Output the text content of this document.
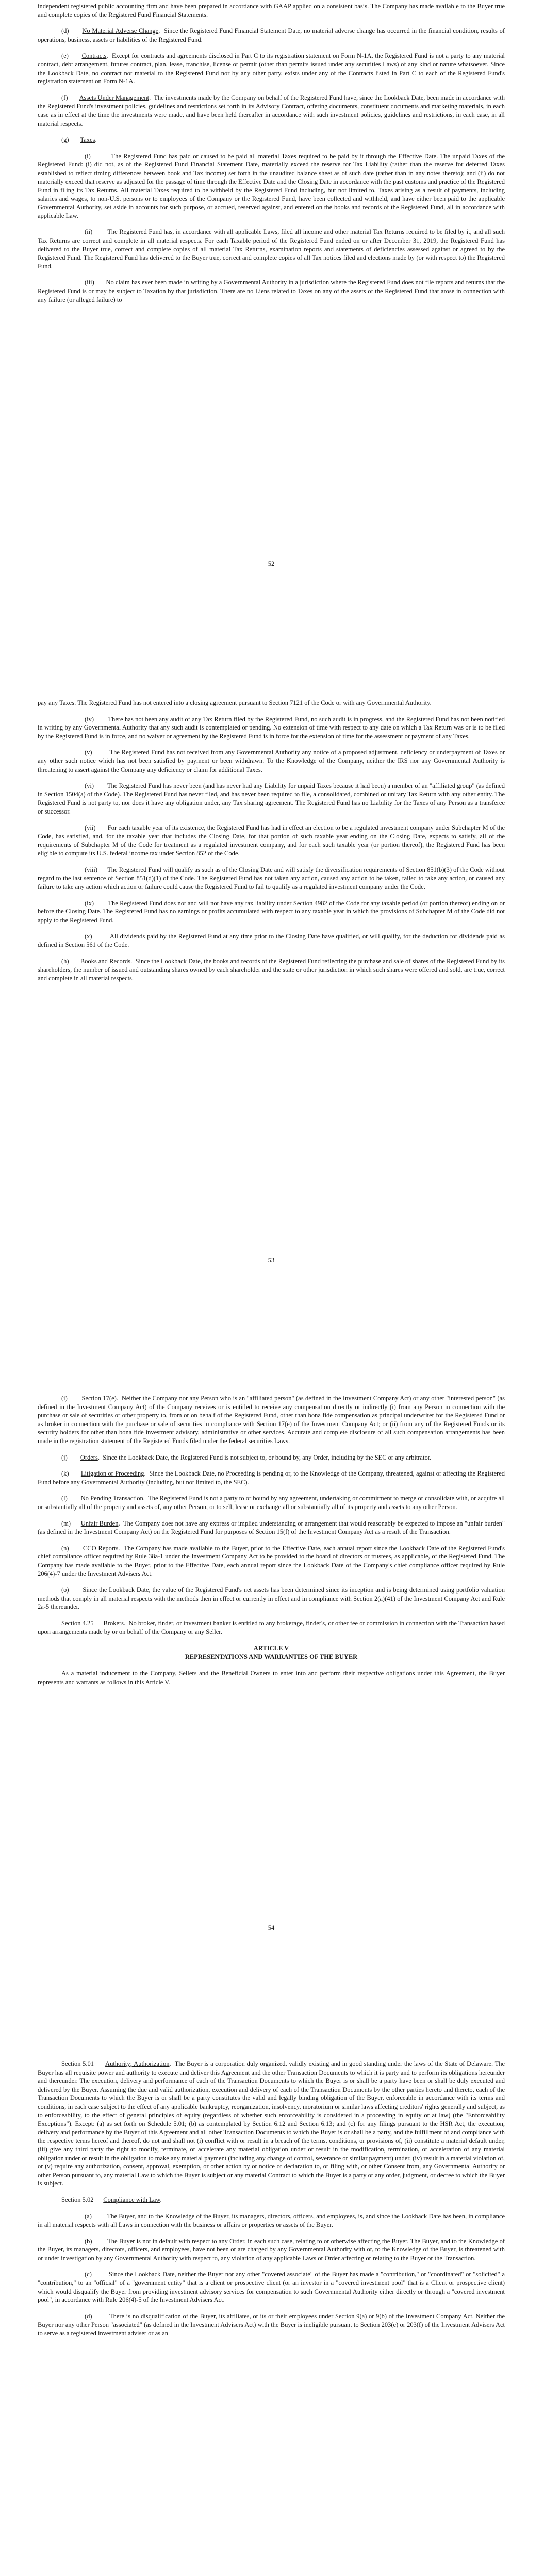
independent registered public accounting firm and have been prepared in accordance with GAAP applied on a consistent basis. The Company has made available to the Buyer true and complete copies of the Registered Fund Financial Statements.

(d) No Material Adverse Change.  Since the Registered Fund Financial Statement Date, no material adverse change has occurred in the financial condition, results of operations, business, assets or liabilities of the Registered Fund.

(e) Contracts.  Except for contracts and agreements disclosed in Part C to its registration statement on Form N-1A, the Registered Fund is not a party to any material contract, debt arrangement, futures contract, plan, lease, franchise, license or permit (other than permits issued under any securities Laws) of any kind or nature whatsoever. Since the Lookback Date, no contract not material to the Registered Fund nor by any other party, exists under any of the Contracts listed in Part C to each of the Registered Fund's registration statement on Form N-1A.

(f) Assets Under Management.  The investments made by the Company on behalf of the Registered Fund have, since the Lookback Date, been made in accordance with the Registered Fund's investment policies, guidelines and restrictions set forth in its Advisory Contract, offering documents, constituent documents and marketing materials, in each case as in effect at the time the investments were made, and have been held thereafter in accordance with such investment policies, guidelines and restrictions, in each case, in all material respects.

(g) Taxes.

(i)	The Registered Fund has paid or caused to be paid all material Taxes required to be paid by it through the Effective Date. The unpaid Taxes of the Registered Fund: (i) did not, as of the Registered Fund Financial Statement Date, materially exceed the reserve for Tax Liability (rather than the reserve for deferred Taxes established to reflect timing differences between book and Tax income) set forth in the unaudited balance sheet as of such date (rather than in any notes thereto); and (ii) do not materially exceed that reserve as adjusted for the passage of time through the Effective Date and the Closing Date in accordance with the past customs and practice of the Registered Fund in filing its Tax Returns. All material Taxes required to be withheld by the Registered Fund including, but not limited to, Taxes arising as a result of payments, including salaries and wages, to non-U.S. persons or to employees of the Company or the Registered Fund, have been collected and withheld, and have either been paid to the applicable Governmental Authority, set aside in accounts for such purpose, or accrued, reserved against, and entered on the books and records of the Registered Fund, all in accordance with applicable Law.

(ii) The Registered Fund has, in accordance with all applicable Laws, filed all income and other material Tax Returns required to be filed by it, and all such Tax Returns are correct and complete in all material respects. For each Taxable period of the Registered Fund ended on or after December 31, 2019, the Registered Fund has delivered to the Buyer true, correct and complete copies of all material Tax Returns, examination reports and statements of deficiencies assessed against or agreed to by the Registered Fund. The Registered Fund has delivered to the Buyer true, correct and complete copies of all Tax notices filed and elections made by (or with respect to) the Registered Fund.

(iii) No claim has ever been made in writing by a Governmental Authority in a jurisdiction where the Registered Fund does not file reports and returns that the Registered Fund is or may be subject to Taxation by that jurisdiction. There are no Liens related to Taxes on any of the assets of the Registered Fund that arose in connection with any failure (or alleged failure) to

52

pay any Taxes. The Registered Fund has not entered into a closing agreement pursuant to Section 7121 of the Code or with any Governmental Authority.

(iv) There has not been any audit of any Tax Return filed by the Registered Fund, no such audit is in progress, and the Registered Fund has not been notified in writing by any Governmental Authority that any such audit is contemplated or pending. No extension of time with respect to any date on which a Tax Return was or is to be filed by the Registered Fund is in force, and no waiver or agreement by the Registered Fund is in force for the extension of time for the assessment or payment of any Taxes.

(v)	The Registered Fund has not received from any Governmental Authority any notice of a proposed adjustment, deficiency or underpayment of Taxes or any other such notice which has not been satisfied by payment or been withdrawn. To the Knowledge of the Company, neither the IRS nor any Governmental Authority is threatening to assert against the Company any deficiency or claim for additional Taxes.

(vi) The Registered Fund has never been (and has never had any Liability for unpaid Taxes because it had been) a member of an "affiliated group" (as defined in Section 1504(a) of the Code). The Registered Fund has never filed, and has never been required to file, a consolidated, combined or unitary Tax Return with any other entity. The Registered Fund is not party to, nor does it have any obligation under, any Tax sharing agreement. The Registered Fund has no Liability for the Taxes of any Person as a transferee or successor.

(vii) For each taxable year of its existence, the Registered Fund has had in effect an election to be a regulated investment company under Subchapter M of the Code, has satisfied, and, for the taxable year that includes the Closing Date, for that portion of such taxable year ending on the Closing Date, expects to satisfy, all of the requirements of Subchapter M of the Code for treatment as a regulated investment company, and for each such taxable year (or portion thereof), the Registered Fund has been eligible to compute its U.S. federal income tax under Section 852 of the Code.

(viii) The Registered Fund will qualify as such as of the Closing Date and will satisfy the diversification requirements of Section 851(b)(3) of the Code without regard to the last sentence of Section 851(d)(1) of the Code. The Registered Fund has not taken any action, caused any action to be taken, failed to take any action, or caused any failure to take any action which action or failure could cause the Registered Fund to fail to qualify as a regulated investment company under the Code.

(ix) The Registered Fund does not and will not have any tax liability under Section 4982 of the Code for any taxable period (or portion thereof) ending on or before the Closing Date. The Registered Fund has no earnings or profits accumulated with respect to any taxable year in which the provisions of Subchapter M of the Code did not apply to the Registered Fund.

(x)	All dividends paid by the Registered Fund at any time prior to the Closing Date have qualified, or will qualify, for the deduction for dividends paid as defined in Section 561 of the Code.

(h) Books and Records.  Since the Lookback Date, the books and records of the Registered Fund reflecting the purchase and sale of shares of the Registered Fund by its shareholders, the number of issued and outstanding shares owned by each shareholder and the state or other jurisdiction in which such shares were offered and sold, are true, correct and complete in all material respects.

53

(i) Section 17(e).  Neither the Company nor any Person who is an "affiliated person" (as defined in the Investment Company Act) or any other "interested person" (as defined in the Investment Company Act) of the Company receives or is entitled to receive any compensation directly or indirectly (i) from any Person in connection with the purchase or sale of securities or other property to, from or on behalf of the Registered Fund, other than bona fide compensation as principal underwriter for the Registered Fund or as broker in connection with the purchase or sale of securities in compliance with Section 17(e) of the Investment Company Act; or (ii) from any of the Registered Funds or its security holders for other than bona fide investment advisory, administrative or other services. Accurate and complete disclosure of all such compensation arrangements has been made in the registration statement of the Registered Funds filed under the federal securities Laws.

(j) Orders.  Since the Lookback Date, the Registered Fund is not subject to, or bound by, any Order, including by the SEC or any arbitrator.

(k) Litigation or Proceeding.  Since the Lookback Date, no Proceeding is pending or, to the Knowledge of the Company, threatened, against or affecting the Registered Fund before any Governmental Authority (including, but not limited to, the SEC).

(l) No Pending Transaction.  The Registered Fund is not a party to or bound by any agreement, undertaking or commitment to merge or consolidate with, or acquire all or substantially all of the property and assets of, any other Person, or to sell, lease or exchange all or substantially all of its property and assets to any other Person.

(m) Unfair Burden.  The Company does not have any express or implied understanding or arrangement that would reasonably be expected to impose an "unfair burden" (as defined in the Investment Company Act) on the Registered Fund for purposes of Section 15(f) of the Investment Company Act as a result of the Transaction.

(n) CCO Reports.  The Company has made available to the Buyer, prior to the Effective Date, each annual report since the Lookback Date of the Registered Fund's chief compliance officer required by Rule 38a-1 under the Investment Company Act to be provided to the board of directors or trustees, as applicable, of the Registered Fund. The Company has made available to the Buyer, prior to the Effective Date, each annual report since the Lookback Date of the Company's chief compliance officer required by Rule 206(4)-7 under the Investment Advisers Act.

(o) Since the Lookback Date, the value of the Registered Fund's net assets has been determined since its inception and is being determined using portfolio valuation methods that comply in all material respects with the methods then in effect or currently in effect and in compliance with Section 2(a)(41) of the Investment Company Act and Rule 2a-5 thereunder.

Section 4.25 Brokers.  No broker, finder, or investment banker is entitled to any brokerage, finder's, or other fee or commission in connection with the Transaction based upon arrangements made by or on behalf of the Company or any Seller.

ARTICLE V

REPRESENTATIONS AND WARRANTIES OF THE BUYER

As a material inducement to the Company, Sellers and the Beneficial Owners to enter into and perform their respective obligations under this Agreement, the Buyer represents and warrants as follows in this Article V.

54

Section 5.01 Authority; Authorization.  The Buyer is a corporation duly organized, validly existing and in good standing under the laws of the State of Delaware. The Buyer has all requisite power and authority to execute and deliver this Agreement and the other Transaction Documents to which it is party and to perform its obligations hereunder and thereunder. The execution, delivery and performance of each of the Transaction Documents to which the Buyer is or shall be a party have been or shall be duly executed and delivered by the Buyer. Assuming the due and valid authorization, execution and delivery of each of the Transaction Documents by the other parties hereto and thereto, each of the Transaction Documents to which the Buyer is or shall be a party constitutes the valid and legally binding obligation of the Buyer, enforceable in accordance with its terms and conditions, in each case subject to the effect of any applicable bankruptcy, reorganization, insolvency, moratorium or similar laws affecting creditors' rights generally and subject, as to enforceability, to the effect of general principles of equity (regardless of whether such enforceability is considered in a proceeding in equity or at law) (the "Enforceability Exceptions"). Except: (a) as set forth on Schedule 5.01; (b) as contemplated by Section 6.12 and Section 6.13; and (c) for any filings pursuant to the HSR Act, the execution, delivery and performance by the Buyer of this Agreement and all other Transaction Documents to which the Buyer is or shall be a party, and the fulfillment of and compliance with the respective terms hereof and thereof, do not and shall not (i) conflict with or result in a breach of the terms, conditions, or provisions of, (ii) constitute a material default under, (iii) give any third party the right to modify, terminate, or accelerate any material obligation under or result in the modification, termination, or acceleration of any material obligation under or result in the obligation to make any material payment (including any change of control, severance or similar payment) under, (iv) result in a material violation of, or (v) require any authorization, consent, approval, exemption, or other action by or notice or declaration to, or filing with, or other Consent from, any Governmental Authority or other Person pursuant to, any material Law to which the Buyer is subject or any material Contract to which the Buyer is a party or any order, judgment, or decree to which the Buyer is subject.

Section 5.02 Compliance with Law.

(a) The Buyer, and to the Knowledge of the Buyer, its managers, directors, officers, and employees, is, and since the Lookback Date has been, in compliance in all material respects with all Laws in connection with the business or affairs or properties or assets of the Buyer.

(b) The Buyer is not in default with respect to any Order, in each such case, relating to or otherwise affecting the Buyer. The Buyer, and to the Knowledge of the Buyer, its managers, directors, officers, and employees, have not been or are charged by any Governmental Authority with or, to the Knowledge of the Buyer, is threatened with or under investigation by any Governmental Authority with respect to, any violation of any applicable Laws or Order affecting or relating to the Buyer or the Transaction.

(c)	Since the Lookback Date, neither the Buyer nor any other "covered associate" of the Buyer has made a "contribution," or "coordinated" or "solicited" a "contribution," to an "official" of a "government entity" that is a client or prospective client (or an investor in a "covered investment pool" that is a Client or prospective client) which would disqualify the Buyer from providing investment advisory services for compensation to such Governmental Authority either directly or through a "covered investment pool", in accordance with Rule 206(4)-5 of the Investment Advisers Act.

(d)	There is no disqualification of the Buyer, its affiliates, or its or their employees under Section 9(a) or 9(b) of the Investment Company Act. Neither the Buyer nor any other Person "associated" (as defined in the Investment Advisers Act) with the Buyer is ineligible pursuant to Section 203(e) or 203(f) of the Investment Advisers Act to serve as a registered investment adviser or as an
